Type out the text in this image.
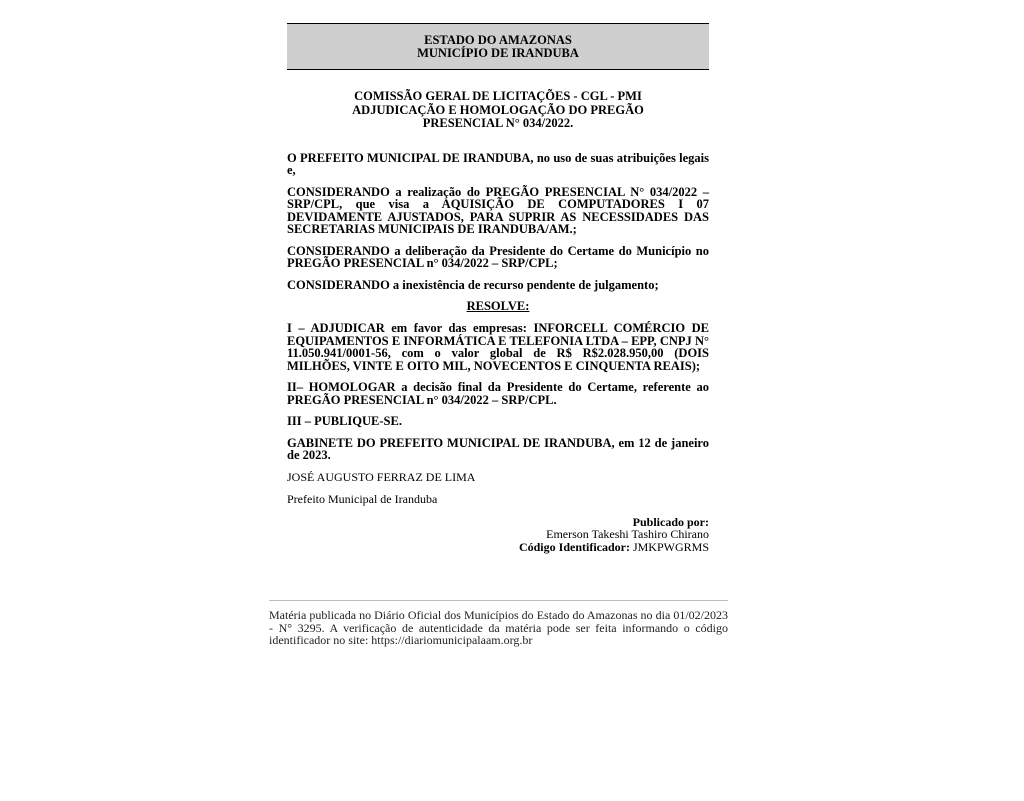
ESTADO DO AMAZONAS
MUNICÍPIO DE IRANDUBA
COMISSÃO GERAL DE LICITAÇÕES - CGL - PMI
ADJUDICAÇÃO E HOMOLOGAÇÃO DO PREGÃO
PRESENCIAL N° 034/2022.

O PREFEITO MUNICIPAL DE IRANDUBA, no uso de suas atribuições legais e,

CONSIDERANDO a realização do PREGÃO PRESENCIAL N° 034/2022 – SRP/CPL, que visa a AQUISIÇÃO DE COMPUTADORES I 07 DEVIDAMENTE AJUSTADOS, PARA SUPRIR AS NECESSIDADES DAS SECRETARIAS MUNICIPAIS DE IRANDUBA/AM.;

CONSIDERANDO a deliberação da Presidente do Certame do Município no PREGÃO PRESENCIAL n° 034/2022 – SRP/CPL;

CONSIDERANDO a inexistência de recurso pendente de julgamento;

RESOLVE:

I – ADJUDICAR em favor das empresas: INFORCELL COMÉRCIO DE EQUIPAMENTOS E INFORMÁTICA E TELEFONIA LTDA – EPP, CNPJ N° 11.050.941/0001-56, com o valor global de R$ R$2.028.950,00 (DOIS MILHÕES, VINTE E OITO MIL, NOVECENTOS E CINQUENTA REAIS);

II– HOMOLOGAR a decisão final da Presidente do Certame, referente ao PREGÃO PRESENCIAL n° 034/2022 – SRP/CPL.

III – PUBLIQUE-SE.

GABINETE DO PREFEITO MUNICIPAL DE IRANDUBA, em 12 de janeiro de 2023.

JOSÉ AUGUSTO FERRAZ DE LIMA

Prefeito Municipal de Iranduba

Publicado por:
Emerson Takeshi Tashiro Chirano
Código Identificador: JMKPWGRMS
Matéria publicada no Diário Oficial dos Municípios do Estado do Amazonas no dia 01/02/2023 - N° 3295. A verificação de autenticidade da matéria pode ser feita informando o código identificador no site: https://diariomunicipalaam.org.br
